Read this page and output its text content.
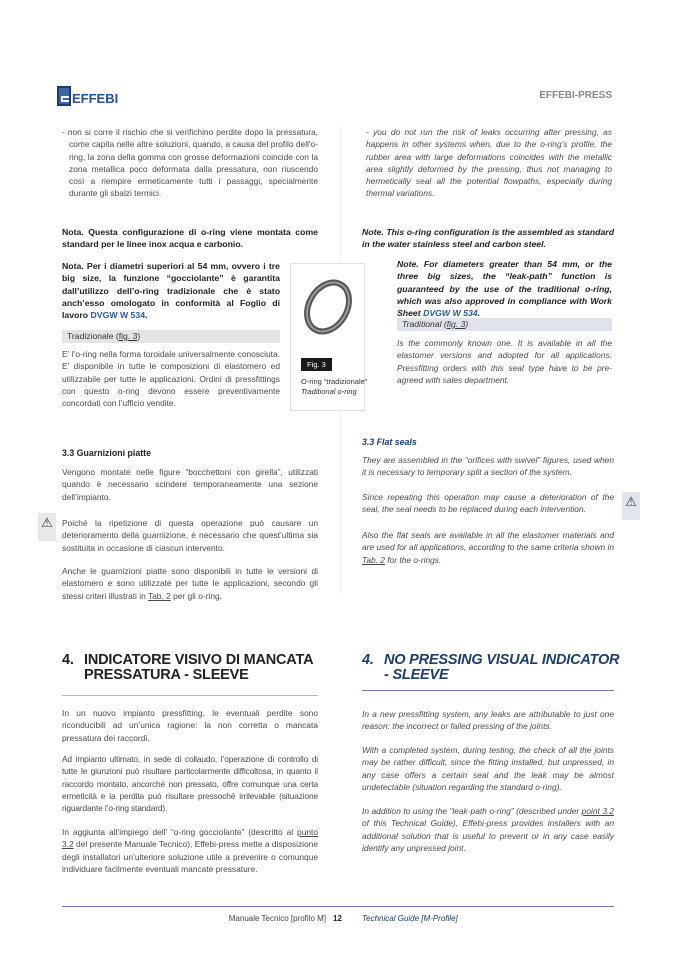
EFFEBI	EFFEBI-PRESS
- non si corre il rischio che si verifichino perdite dopo la pressatura, come capita nelle altre soluzioni, quando, a causa del profilo dell'o-ring, la zona della gomma con grosse deformazioni coincide con la zona metallica poco deformata dalla pressatura, non riuscendo così a riempire ermeticamente tutti i passaggi, specialmente durante gli sbalzi termici.
Nota. Questa configurazione di o-ring viene montata come standard per le linee inox acqua e carbonio.
Nota. Per i diametri superiori al 54 mm, ovvero i tre big size, la funzione “gocciolante” è garantita dall’utilizzo dell’o-ring tradizionale che è stato anch’esso omologato in conformità al Foglio di lavoro DVGW W 534.
Tradizionale (fig. 3)
E’ l’o-ring nella forma toroidale universalmente conosciuta. E’ disponibile in tutte le composizioni di elastomero ed utilizzabile per tutte le applicazioni. Ordini di pressfittings con questo o-ring devono essere preventivamente concordati con l’ufficio vendite.
Fig. 3
O-ring “tradizionale”
Traditional o-ring
- you do not run the risk of leaks occurring after pressing, as happens in other systems when, due to the o-ring’s profile, the rubber area with large deformations coincides with the metallic area slightly deformed by the pressing, thus not managing to hermetically seal all the potential flowpaths, especially during thermal variations.
Note. This o-ring configuration is the assembled as standard in the water stainless steel and carbon steel.
Note. For diameters greater than 54 mm, or the three big sizes, the “leak-path” function is guaranteed by the use of the traditional o-ring, which was also approved in compliance with Work Sheet DVGW W 534.
Traditional (fig. 3)
Is the commonly known one. It is available in all the elastomer versions and adopted for all applications. Pressfitting orders with this seal type have to be pre-agreed with sales department.
3.3 Guarnizioni piatte
Vengono montate nelle figure “bocchettoni con girella”, utilizzati quando è necessario scindere temporaneamente una sezione dell’impianto.
⚠	Poiché la ripetizione di questa operazione può causare un deterioramento della guarnizione, è necessario che quest’ultima sia sostituita in occasione di ciascun intervento.
Anche le guarnizioni piatte sono disponibili in tutte le versioni di elastomero e sono utilizzate per tutte le applicazioni, secondo gli stessi criteri illustrati in Tab. 2 per gli o-ring.
3.3 Flat seals
They are assembled in the “orifices with swivel” figures, used when it is necessary to temporary split a section of the system.
Since repeating this operation may cause a deterioration of the seal, the seal needs to be replaced during each intervention.
⚠
Also the flat seals are available in all the elastomer materials and are used for all applications, according to the same criteria shown in Tab. 2 for the o-rings.
4. INDICATORE VISIVO DI MANCATA PRESSATURA - SLEEVE
In un nuovo impianto pressfitting, le eventuali perdite sono riconducibili ad un’unica ragione: la non corretta o mancata pressatura dei raccordi.
Ad impianto ultimato, in sede di collaudo, l’operazione di controllo di tutte le giunzioni può risultare particolarmente difficoltosa, in quanto il raccordo montato, ancorché non pressato, offre comunque una certa ermeticità e la perdita può risultare pressoché irrilevabile (situazione riguardante l’o-ring standard).
In aggiunta all’impiego dell’ “o-ring gocciolante” (descritto al punto 3.2 del presente Manuale Tecnico), Effebi-press mette a disposizione degli installatori un’ulteriore soluzione utile a prevenire o comunque individuare facilmente eventuali mancate pressature.
4. NO PRESSING VISUAL INDICATOR - SLEEVE
In a new pressfitting system, any leaks are attributable to just one reason: the incorrect or failed pressing of the joints.
With a completed system, during testing, the check of all the joints may be rather difficult, since the fitting installed, but unpressed, in any case offers a certain seal and the leak may be almost undetectable (situation regarding the standard o-ring).
In addition to using the “leak-path o-ring” (described under point 3.2 of this Technical Guide), Effebi-press provides installers with an additional solution that is useful to prevent or in any case easily identify any unpressed joint.
Manuale Tecnico [profilo M] 12	Technical Guide [M-Profile]
